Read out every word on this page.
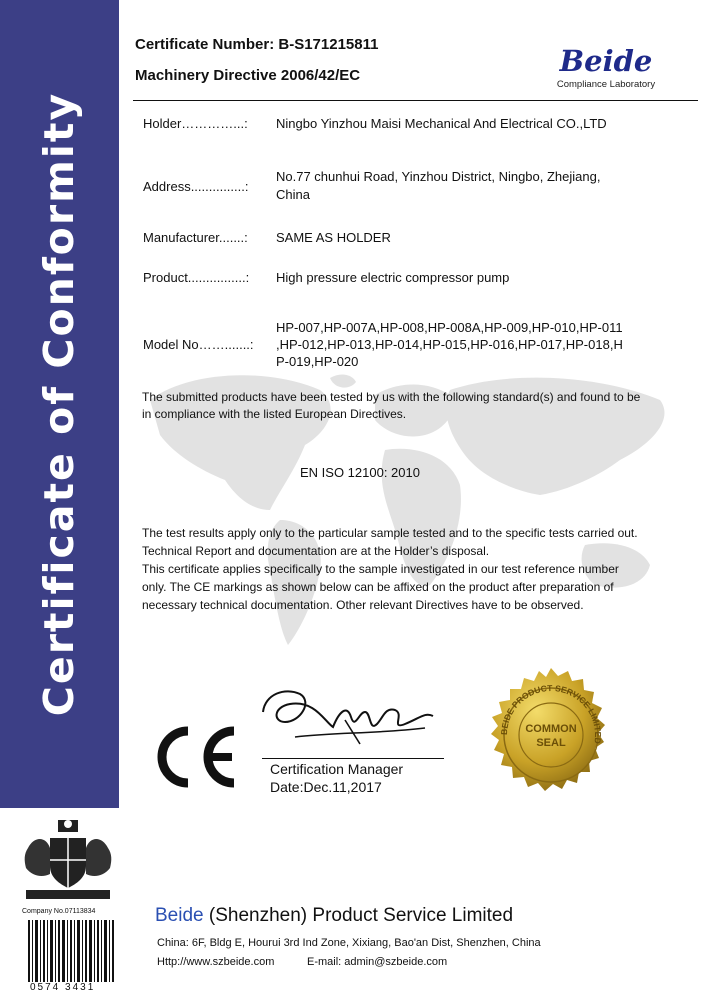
Certificate of Conformity
Certificate Number: B-S171215811
Machinery Directive 2006/42/EC	Beide
Compliance Laboratory
Holder…………...:	Ningbo Yinzhou Maisi Mechanical And Electrical CO.,LTD
Address...............:
No.77 chunhui Road, Yinzhou District, Ningbo, Zhejiang,
China
Manufacturer.......:	SAME AS HOLDER
Product................:	High pressure electric compressor pump
Model No…….......:
HP-007,HP-007A,HP-008,HP-008A,HP-009,HP-010,HP-011
,HP-012,HP-013,HP-014,HP-015,HP-016,HP-017,HP-018,H
P-019,HP-020
The submitted products have been tested by us with the following standard(s) and found to be
in compliance with the listed European Directives.
EN ISO 12100: 2010
The test results apply only to the particular sample tested and to the specific tests carried out.
Technical Report and documentation are at the Holder’s disposal.
This certificate applies specifically to the sample investigated in our test reference number
only. The CE markings as shown below can be affixed on the product after preparation of
necessary technical documentation. Other relevant Directives have to be observed.
Certification Manager
Date:Dec.11,2017
BEIDE PRODUCT SERVICE LIMITED
COMMON
SEAL
Company No.07113834
0574 3431
Beide (Shenzhen) Product Service Limited
China: 6F, Bldg E, Hourui 3rd Ind Zone, Xixiang, Bao'an Dist, Shenzhen, China
Http://www.szbeide.com	E-mail: admin@szbeide.com
